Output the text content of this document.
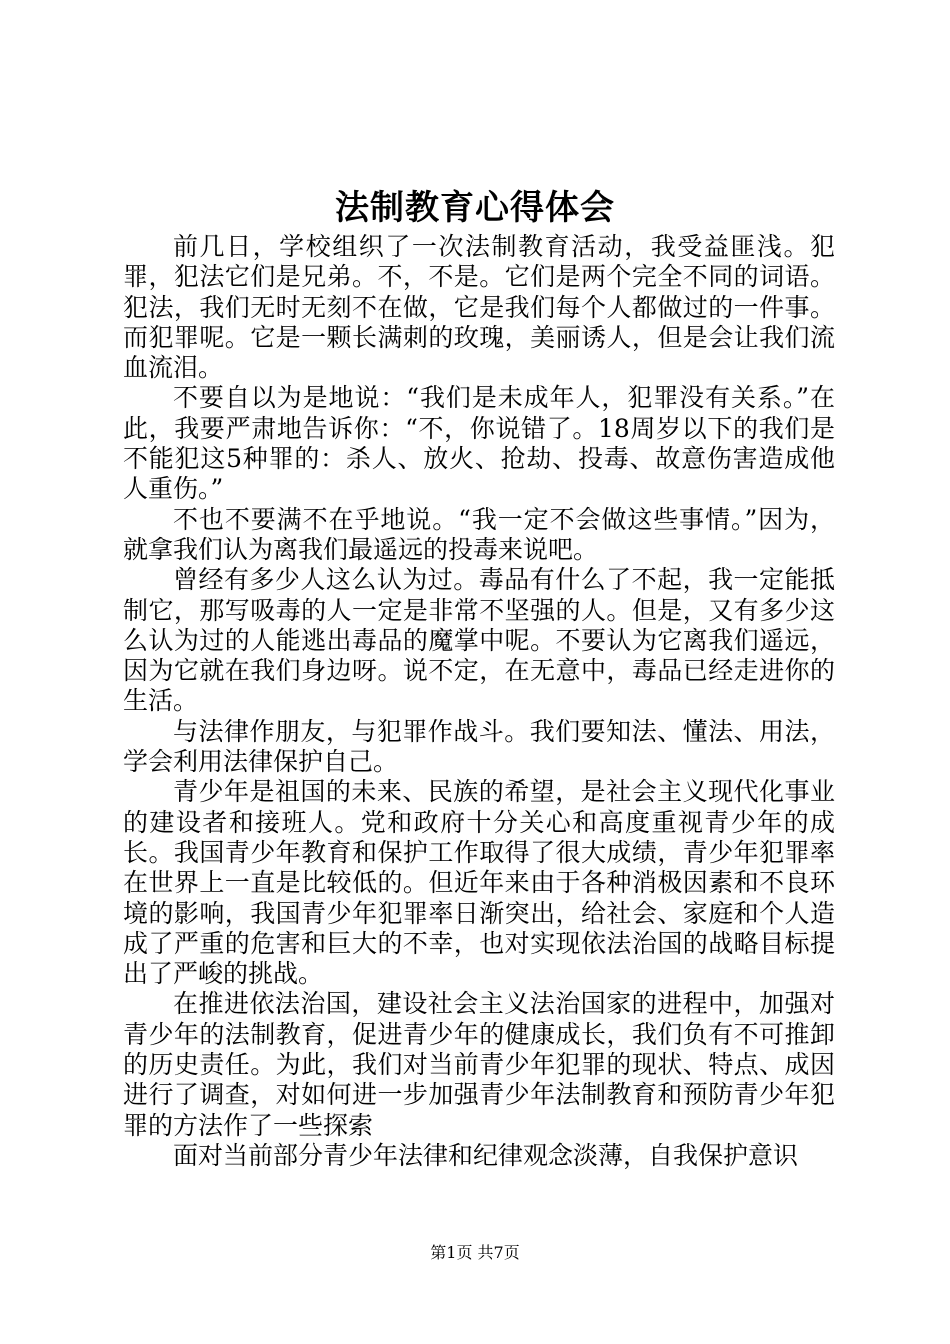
法制教育心得体会

前几日，学校组织了一次法制教育活动，我受益匪浅。犯罪，犯法它们是兄弟。不，不是。它们是两个完全不同的词语。犯法，我们无时无刻不在做，它是我们每个人都做过的一件事。而犯罪呢。它是一颗长满刺的玫瑰，美丽诱人，但是会让我们流血流泪。

不要自以为是地说：“我们是未成年人，犯罪没有关系。”在此，我要严肃地告诉你：“不，你说错了。18周岁以下的我们是不能犯这5种罪的：杀人、放火、抢劫、投毒、故意伤害造成他人重伤。”

不也不要满不在乎地说。“我一定不会做这些事情。”因为，就拿我们认为离我们最遥远的投毒来说吧。

曾经有多少人这么认为过。毒品有什么了不起，我一定能抵制它，那写吸毒的人一定是非常不坚强的人。但是，又有多少这么认为过的人能逃出毒品的魔掌中呢。不要认为它离我们遥远，因为它就在我们身边呀。说不定，在无意中，毒品已经走进你的生活。

与法律作朋友，与犯罪作战斗。我们要知法、懂法、用法，学会利用法律保护自己。

青少年是祖国的未来、民族的希望，是社会主义现代化事业的建设者和接班人。党和政府十分关心和高度重视青少年的成长。我国青少年教育和保护工作取得了很大成绩，青少年犯罪率在世界上一直是比较低的。但近年来由于各种消极因素和不良环境的影响，我国青少年犯罪率日渐突出，给社会、家庭和个人造成了严重的危害和巨大的不幸，也对实现依法治国的战略目标提出了严峻的挑战。

在推进依法治国，建设社会主义法治国家的进程中，加强对青少年的法制教育，促进青少年的健康成长，我们负有不可推卸的历史责任。为此，我们对当前青少年犯罪的现状、特点、成因进行了调查，对如何进一步加强青少年法制教育和预防青少年犯罪的方法作了一些探索

面对当前部分青少年法律和纪律观念淡薄，自我保护意识

第1页 共7页
